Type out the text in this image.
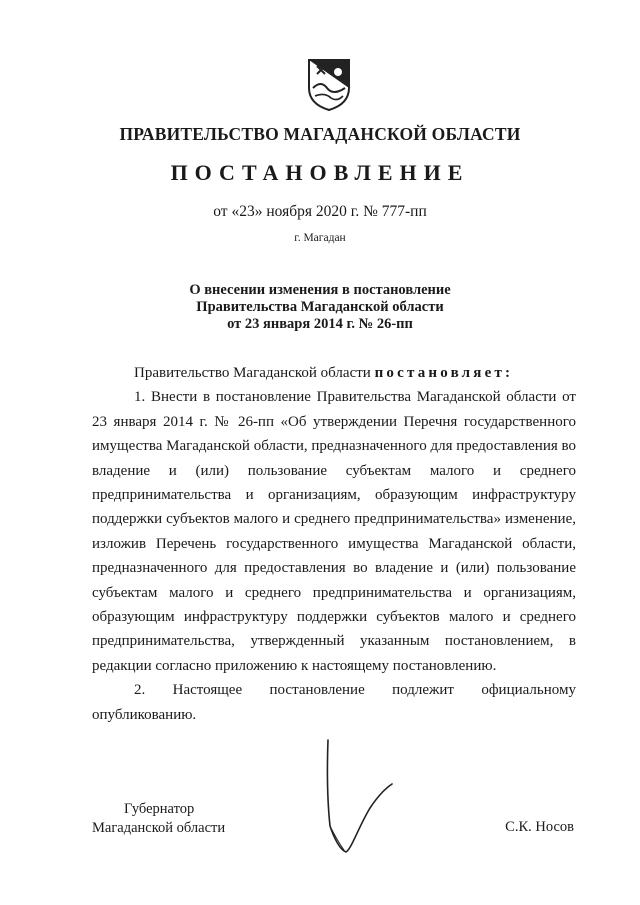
ПРАВИТЕЛЬСТВО МАГАДАНСКОЙ ОБЛАСТИ
ПОСТАНОВЛЕНИЕ
от «23» ноября 2020 г. № 777-пп
г. Магадан
О внесении изменения в постановление
Правительства Магаданской области
от 23 января 2014 г. № 26-пп

Правительство Магаданской области постановляет:

1. Внести в постановление Правительства Магаданской области от 23 января 2014 г. № 26-пп «Об утверждении Перечня государственного имущества Магаданской области, предназначенного для предоставления во владение и (или) пользование субъектам малого и среднего предпринимательства и организациям, образующим инфраструктуру поддержки субъектов малого и среднего предпринимательства» изменение, изложив Перечень государственного имущества Магаданской области, предназначенного для предоставления во владение и (или) пользование субъектам малого и среднего предпринимательства и организациям, образующим инфраструктуру поддержки субъектов малого и среднего предпринимательства, утвержденный указанным постановлением, в редакции согласно приложению к настоящему постановлению.

2. Настоящее постановление подлежит официальному опубликованию.

Губернатор
Магаданской области	С.К. Носов
